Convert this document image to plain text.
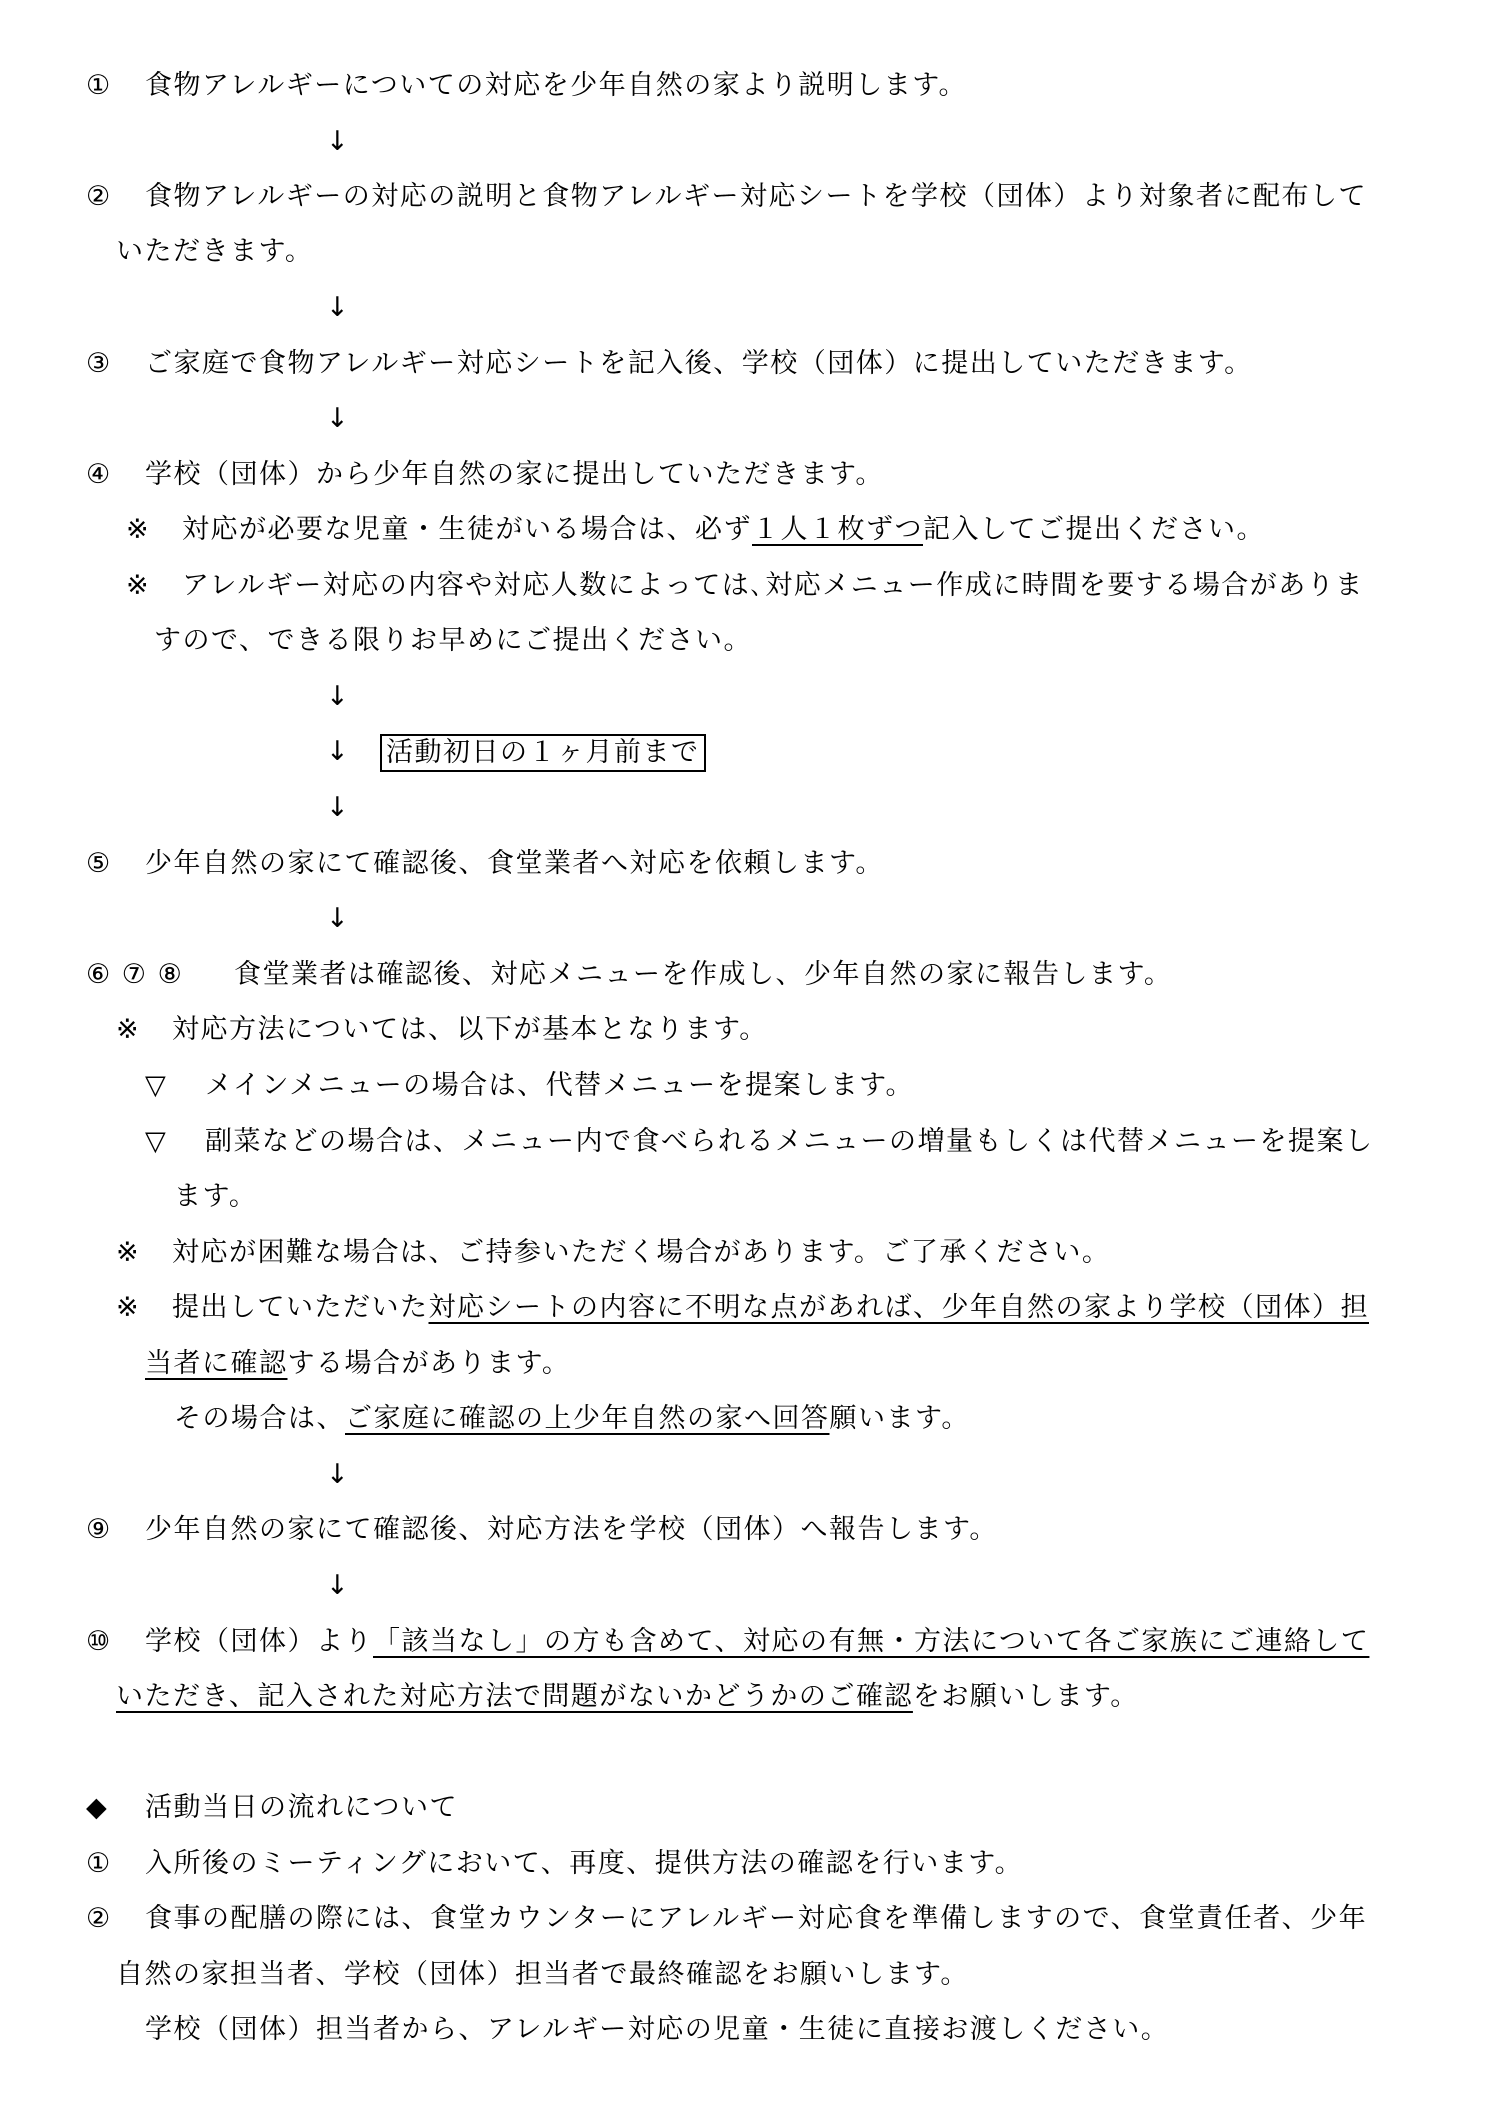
① 食物アレルギーについての対応を少年自然の家より説明します。
↓
② 食物アレルギーの対応の説明と食物アレルギー対応シートを学校（団体）より対象者に配布して
いただきます。
↓
③ ご家庭で食物アレルギー対応シートを記入後、学校（団体）に提出していただきます。
↓
④ 学校（団体）から少年自然の家に提出していただきます。
※ 対応が必要な児童・生徒がいる場合は、必ず１人１枚ずつ記入してご提出ください。
※ アレルギー対応の内容や対応人数によっては､対応メニュー作成に時間を要する場合がありま
すので、できる限りお早めにご提出ください。
↓
↓ 活動初日の１ヶ月前まで
↓
⑤ 少年自然の家にて確認後、食堂業者へ対応を依頼します。
↓
⑥ ⑦ ⑧ 食堂業者は確認後、対応メニューを作成し、少年自然の家に報告します。
※ 対応方法については、以下が基本となります。
▽ メインメニューの場合は、代替メニューを提案します。
▽ 副菜などの場合は、メニュー内で食べられるメニューの増量もしくは代替メニューを提案し
ます。
※ 対応が困難な場合は、ご持参いただく場合があります。ご了承ください。
※ 提出していただいた対応シートの内容に不明な点があれば、少年自然の家より学校（団体）担
当者に確認する場合があります。
その場合は、ご家庭に確認の上少年自然の家へ回答願います。
↓
⑨ 少年自然の家にて確認後、対応方法を学校（団体）へ報告します。
↓
⑩ 学校（団体）より「該当なし」の方も含めて、対応の有無・方法について各ご家族にご連絡して
いただき、記入された対応方法で問題がないかどうかのご確認をお願いします。
◆ 活動当日の流れについて
① 入所後のミーティングにおいて、再度、提供方法の確認を行います。
② 食事の配膳の際には、食堂カウンターにアレルギー対応食を準備しますので、食堂責任者、少年
自然の家担当者、学校（団体）担当者で最終確認をお願いします。
学校（団体）担当者から、アレルギー対応の児童・生徒に直接お渡しください。
